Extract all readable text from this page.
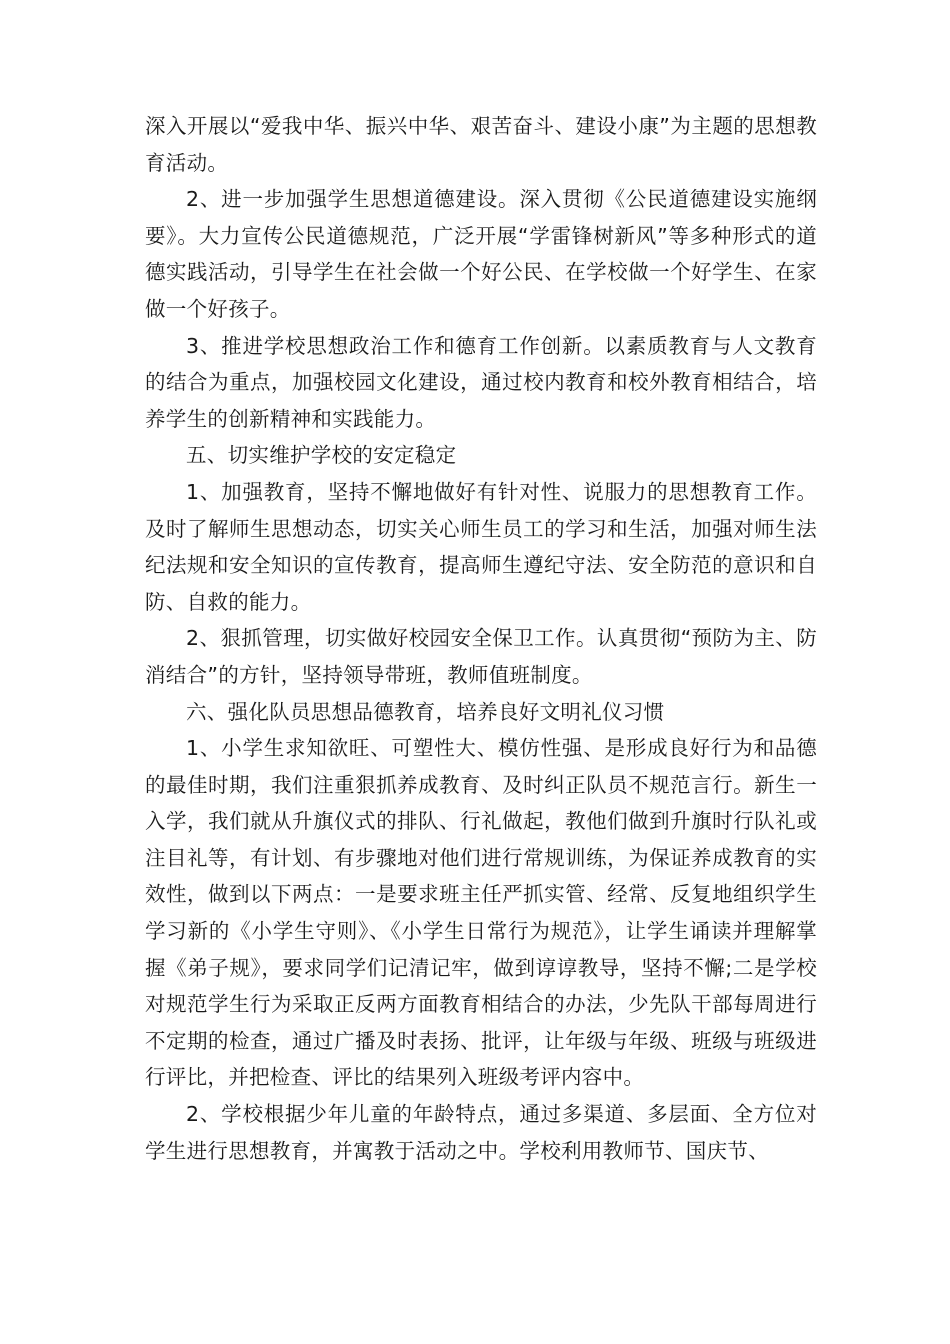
深入开展以“爱我中华、振兴中华、艰苦奋斗、建设小康”为主题的思想教育活动。

2、进一步加强学生思想道德建设。深入贯彻《公民道德建设实施纲要》。大力宣传公民道德规范，广泛开展“学雷锋树新风”等多种形式的道德实践活动，引导学生在社会做一个好公民、在学校做一个好学生、在家做一个好孩子。

3、推进学校思想政治工作和德育工作创新。以素质教育与人文教育的结合为重点，加强校园文化建设，通过校内教育和校外教育相结合，培养学生的创新精神和实践能力。

五、切实维护学校的安定稳定

1、加强教育，坚持不懈地做好有针对性、说服力的思想教育工作。及时了解师生思想动态，切实关心师生员工的学习和生活，加强对师生法纪法规和安全知识的宣传教育，提高师生遵纪守法、安全防范的意识和自防、自救的能力。

2、狠抓管理，切实做好校园安全保卫工作。认真贯彻“预防为主、防消结合”的方针，坚持领导带班，教师值班制度。

六、强化队员思想品德教育，培养良好文明礼仪习惯

1、小学生求知欲旺、可塑性大、模仿性强、是形成良好行为和品德的最佳时期，我们注重狠抓养成教育、及时纠正队员不规范言行。新生一入学，我们就从升旗仪式的排队、行礼做起，教他们做到升旗时行队礼或注目礼等，有计划、有步骤地对他们进行常规训练，为保证养成教育的实效性，做到以下两点：一是要求班主任严抓实管、经常、反复地组织学生学习新的《小学生守则》、《小学生日常行为规范》，让学生诵读并理解掌握《弟子规》，要求同学们记清记牢，做到谆谆教导，坚持不懈;二是学校对规范学生行为采取正反两方面教育相结合的办法，少先队干部每周进行不定期的检查，通过广播及时表扬、批评，让年级与年级、班级与班级进行评比，并把检查、评比的结果列入班级考评内容中。

2、学校根据少年儿童的年龄特点，通过多渠道、多层面、全方位对学生进行思想教育，并寓教于活动之中。学校利用教师节、国庆节、
